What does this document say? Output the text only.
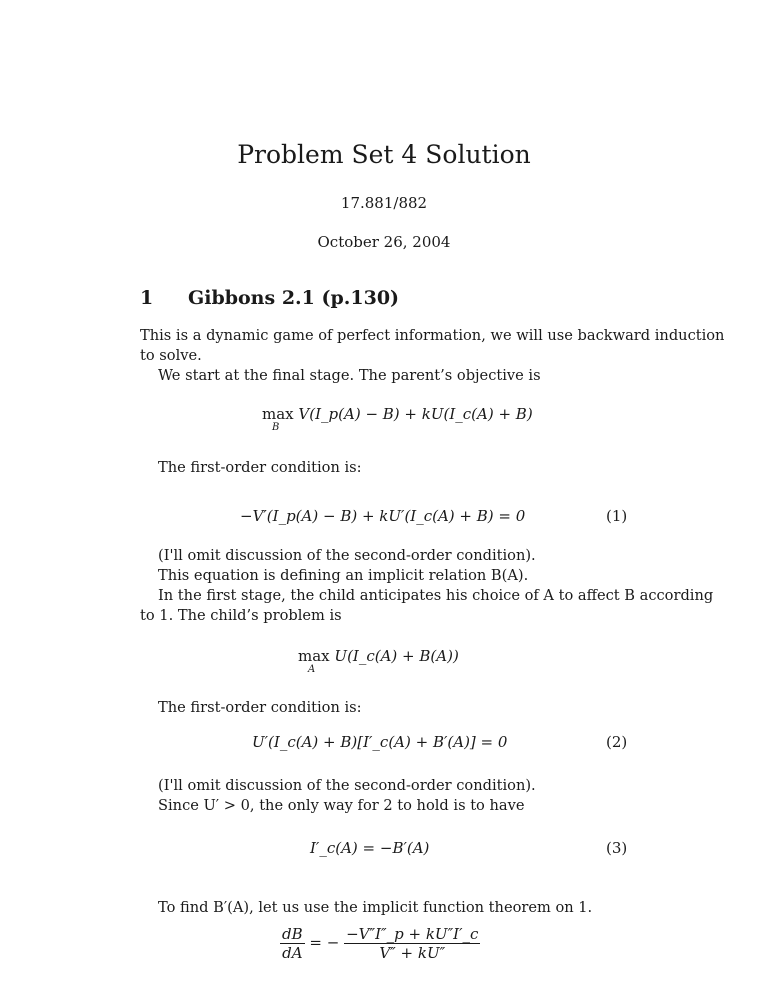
Problem Set 4 Solution
17.881/882
October 26, 2004
1 Gibbons 2.1 (p.130)
This is a dynamic game of perfect information, we will use backward induction
to solve.
We start at the final stage. The parent’s objective is
max
B
V(I_p(A) − B) + kU(I_c(A) + B)
The first-order condition is:
−V′(I_p(A) − B) + kU′(I_c(A) + B) = 0	(1)
(I'll omit discussion of the second-order condition).
This equation is defining an implicit relation B(A).
In the first stage, the child anticipates his choice of A to affect B according
to 1. The child’s problem is
max
A
U(I_c(A) + B(A))
The first-order condition is:
U′(I_c(A) + B)[I′_c(A) + B′(A)] = 0	(2)
(I'll omit discussion of the second-order condition).
Since U′ > 0, the only way for 2 to hold is to have
I′_c(A) = −B′(A)	(3)
To find B′(A), let us use the implicit function theorem on 1.
$\frac{dB}{dA}$ = − $\frac{-V''I''\_p + kU''I'\_c}{V'' + kU''}$
